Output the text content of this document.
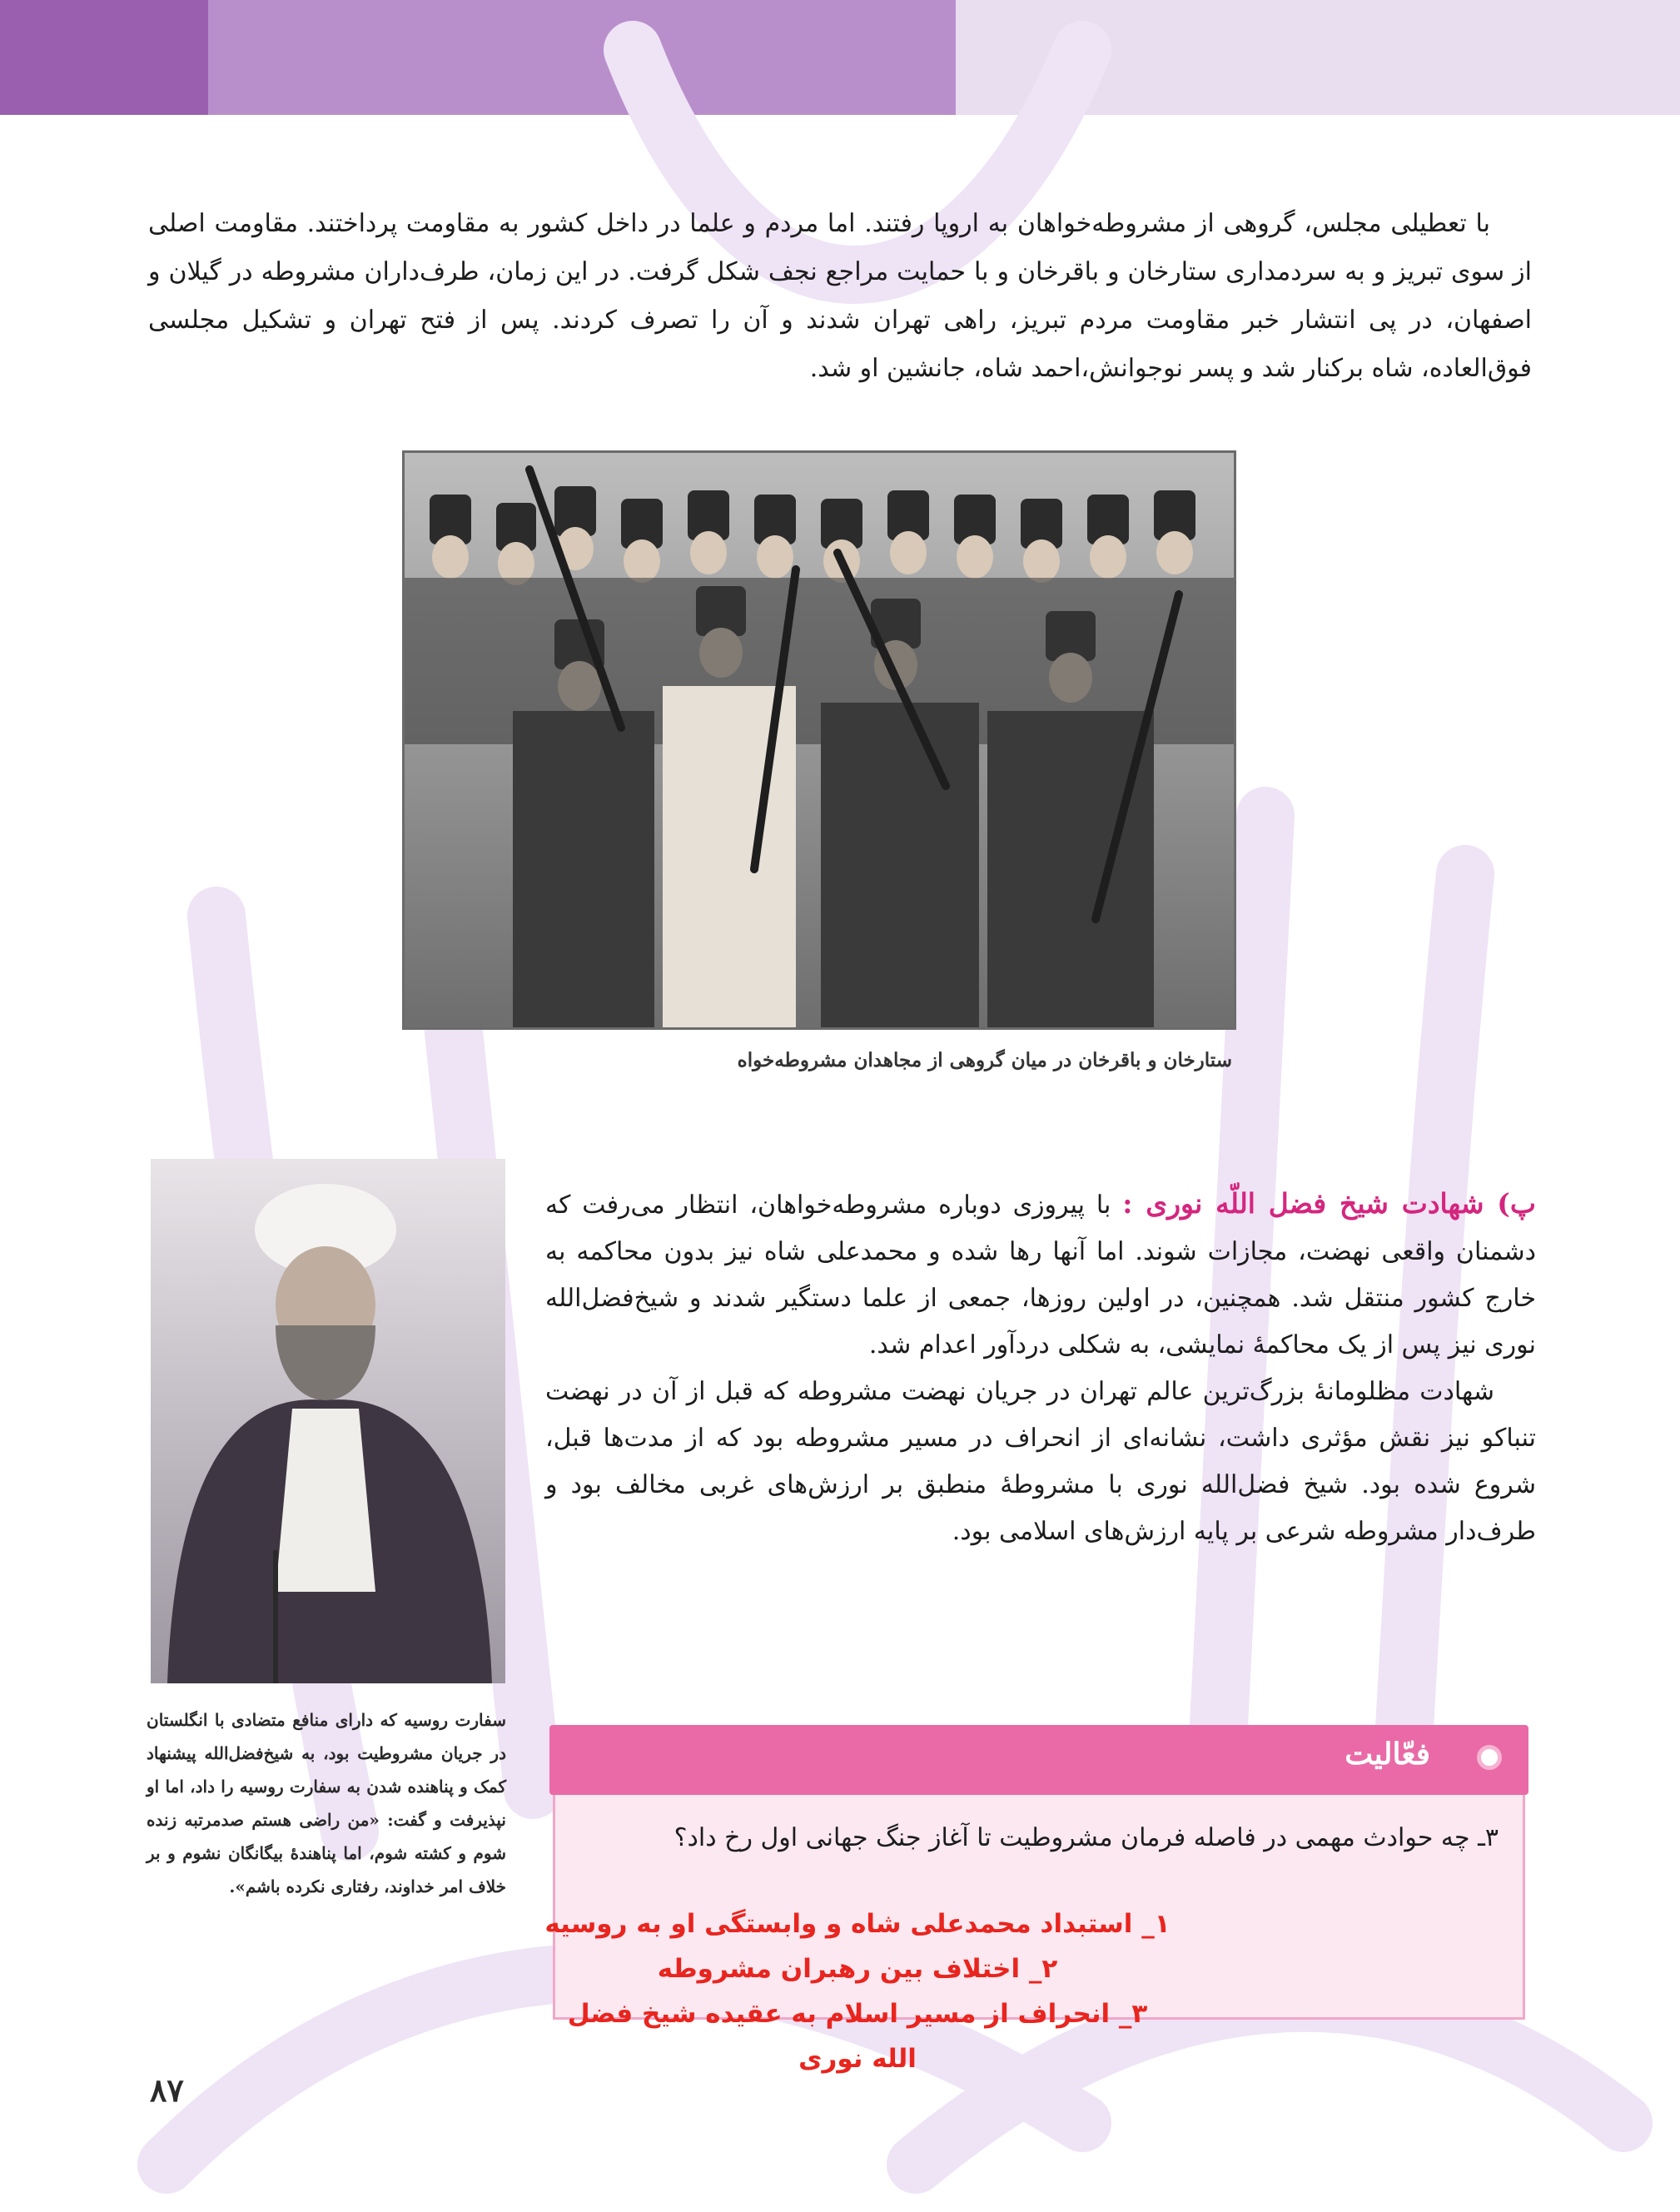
با تعطیلی مجلس، گروهی از مشروطه‌خواهان به اروپا رفتند. اما مردم و علما در داخل کشور به مقاومت پرداختند. مقاومت اصلی از سوی تبریز و به سردمداری ستارخان و باقرخان و با حمایت مراجع نجف شکل گرفت. در این زمان، طرف‌داران مشروطه در گیلان و اصفهان، در پی انتشار خبر مقاومت مردم تبریز، راهی تهران شدند و آن را تصرف کردند. پس از فتح تهران و تشکیل مجلسی فوق‌العاده، شاه برکنار شد و پسر نوجوانش،احمد شاه، جانشین او شد.

ستارخان و باقرخان در میان گروهی از مجاهدان مشروطه‌خواه
سفارت روسیه که دارای منافع متضادی با انگلستان در جریان مشروطیت بود، به شیخ‌فضل‌الله پیشنهاد کمک و پناهنده شدن به سفارت روسیه را داد، اما او نپذیرفت و گفت: «من راضی هستم صدمرتبه زنده شوم و کشته شوم، اما پناهندهٔ بیگانگان نشوم و بر خلاف امر خداوند، رفتاری نکرده باشم».

پ) شهادت شیخ فضل اللّه نوری : با پیروزی دوباره مشروطه‌خواهان، انتظار می‌رفت که دشمنان واقعی نهضت، مجازات شوند. اما آنها رها شده و محمدعلی شاه نیز بدون محاکمه به خارج کشور منتقل شد. همچنین، در اولین روزها، جمعی از علما دستگیر شدند و شیخ‌فضل‌الله نوری نیز پس از یک محاکمهٔ نمایشی، به شکلی دردآور اعدام شد.

شهادت مظلومانهٔ بزرگ‌ترین عالم تهران در جریان نهضت مشروطه که قبل از آن در نهضت تنباکو نیز نقش مؤثری داشت، نشانه‌ای از انحراف در مسیر مشروطه بود که از مدت‌ها قبل، شروع شده بود. شیخ فضل‌الله نوری با مشروطهٔ منطبق بر ارزش‌های غربی مخالف بود و طرف‌دار مشروطه شرعی بر پایه ارزش‌های اسلامی بود.

فعّالیت
۳ـ چه حوادث مهمی در فاصله فرمان مشروطیت تا آغاز جنگ جهانی اول رخ داد؟
۱_ استبداد محمدعلی شاه و وابستگی او به روسیه
۲_ اختلاف بین رهبران مشروطه
۳_ انحراف از مسیر اسلام به عقیده شیخ فضل
الله نوری
۸۷
